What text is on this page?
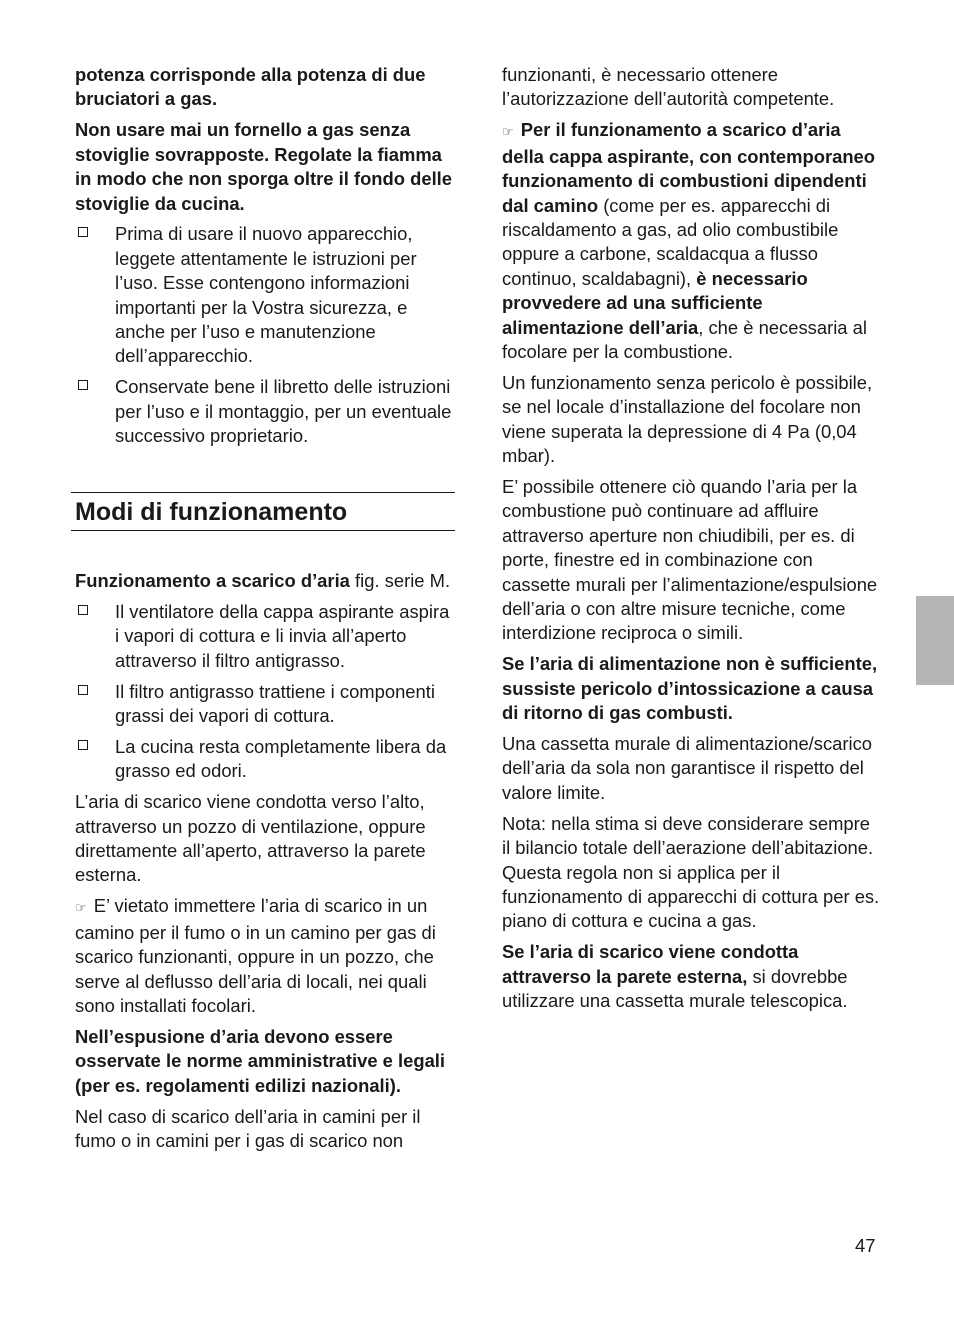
potenza corrisponde alla potenza di due bruciatori a gas.

Non usare mai un fornello a gas senza stoviglie sovrapposte. Regolate la fiamma in modo che non sporga oltre il fondo delle stoviglie da cucina.

Prima di usare il nuovo apparecchio, leggete attentamente le istruzioni per l’uso. Esse contengono informazioni importanti per la Vostra sicurezza, e anche per l’uso e manutenzione dell’apparecchio.
Conservate bene il libretto delle istruzioni per l’uso e il montaggio, per un eventuale successivo proprietario.
Modi di funzionamento

Funzionamento a scarico d’aria fig. serie M.

Il ventilatore della cappa aspirante aspira i vapori di cottura e li invia all’aperto attraverso il filtro antigrasso.
Il filtro antigrasso trattiene i componenti grassi dei vapori di cottura.
La cucina resta completamente libera da grasso ed odori.

L’aria di scarico viene condotta verso l’alto, attraverso un pozzo di ventilazione, oppure direttamente all’aperto, attraverso la parete esterna.

☞ E’ vietato immettere l’aria di scarico in un camino per il fumo o in un camino per gas di scarico funzionanti, oppure in un pozzo, che serve al deflusso dell’aria di locali, nei quali sono installati focolari.

Nell’espusione d’aria devono essere osservate le norme amministrative e legali (per es. regolamenti edilizi nazionali).

Nel caso di scarico dell’aria in camini per il fumo o in camini per i gas di scarico non

funzionanti, è necessario ottenere l’autorizzazione dell’autorità competente.

☞ Per il funzionamento a scarico d’aria della cappa aspirante, con contemporaneo funzionamento di combustioni dipendenti dal camino (come per es. apparecchi di riscaldamento a gas, ad olio combustibile oppure a carbone, scaldacqua a flusso continuo, scaldabagni), è necessario provvedere ad una sufficiente alimentazione dell’aria, che è necessaria al focolare per la combustione.

Un funzionamento senza pericolo è possibile, se nel locale d’installazione del focolare non viene superata la depressione di 4 Pa (0,04 mbar).

E’ possibile ottenere ciò quando l’aria per la combustione può continuare ad affluire attraverso aperture non chiudibili, per es. di porte, finestre ed in combinazione con cassette murali per l’alimentazione/espulsione dell’aria o con altre misure tecniche, come interdizione reciproca o simili.

Se l’aria di alimentazione non è sufficiente, sussiste pericolo d’intossicazione a causa di ritorno di gas combusti.

Una cassetta murale di alimentazione/scarico dell’aria da sola non garantisce il rispetto del valore limite.

Nota: nella stima si deve considerare sempre il bilancio totale dell’aerazione dell’abitazione. Questa regola non si applica per il funzionamento di apparecchi di cottura per es. piano di cottura e cucina a gas.

Se l’aria di scarico viene condotta attraverso la parete esterna, si dovrebbe utilizzare una cassetta murale telescopica.

47
